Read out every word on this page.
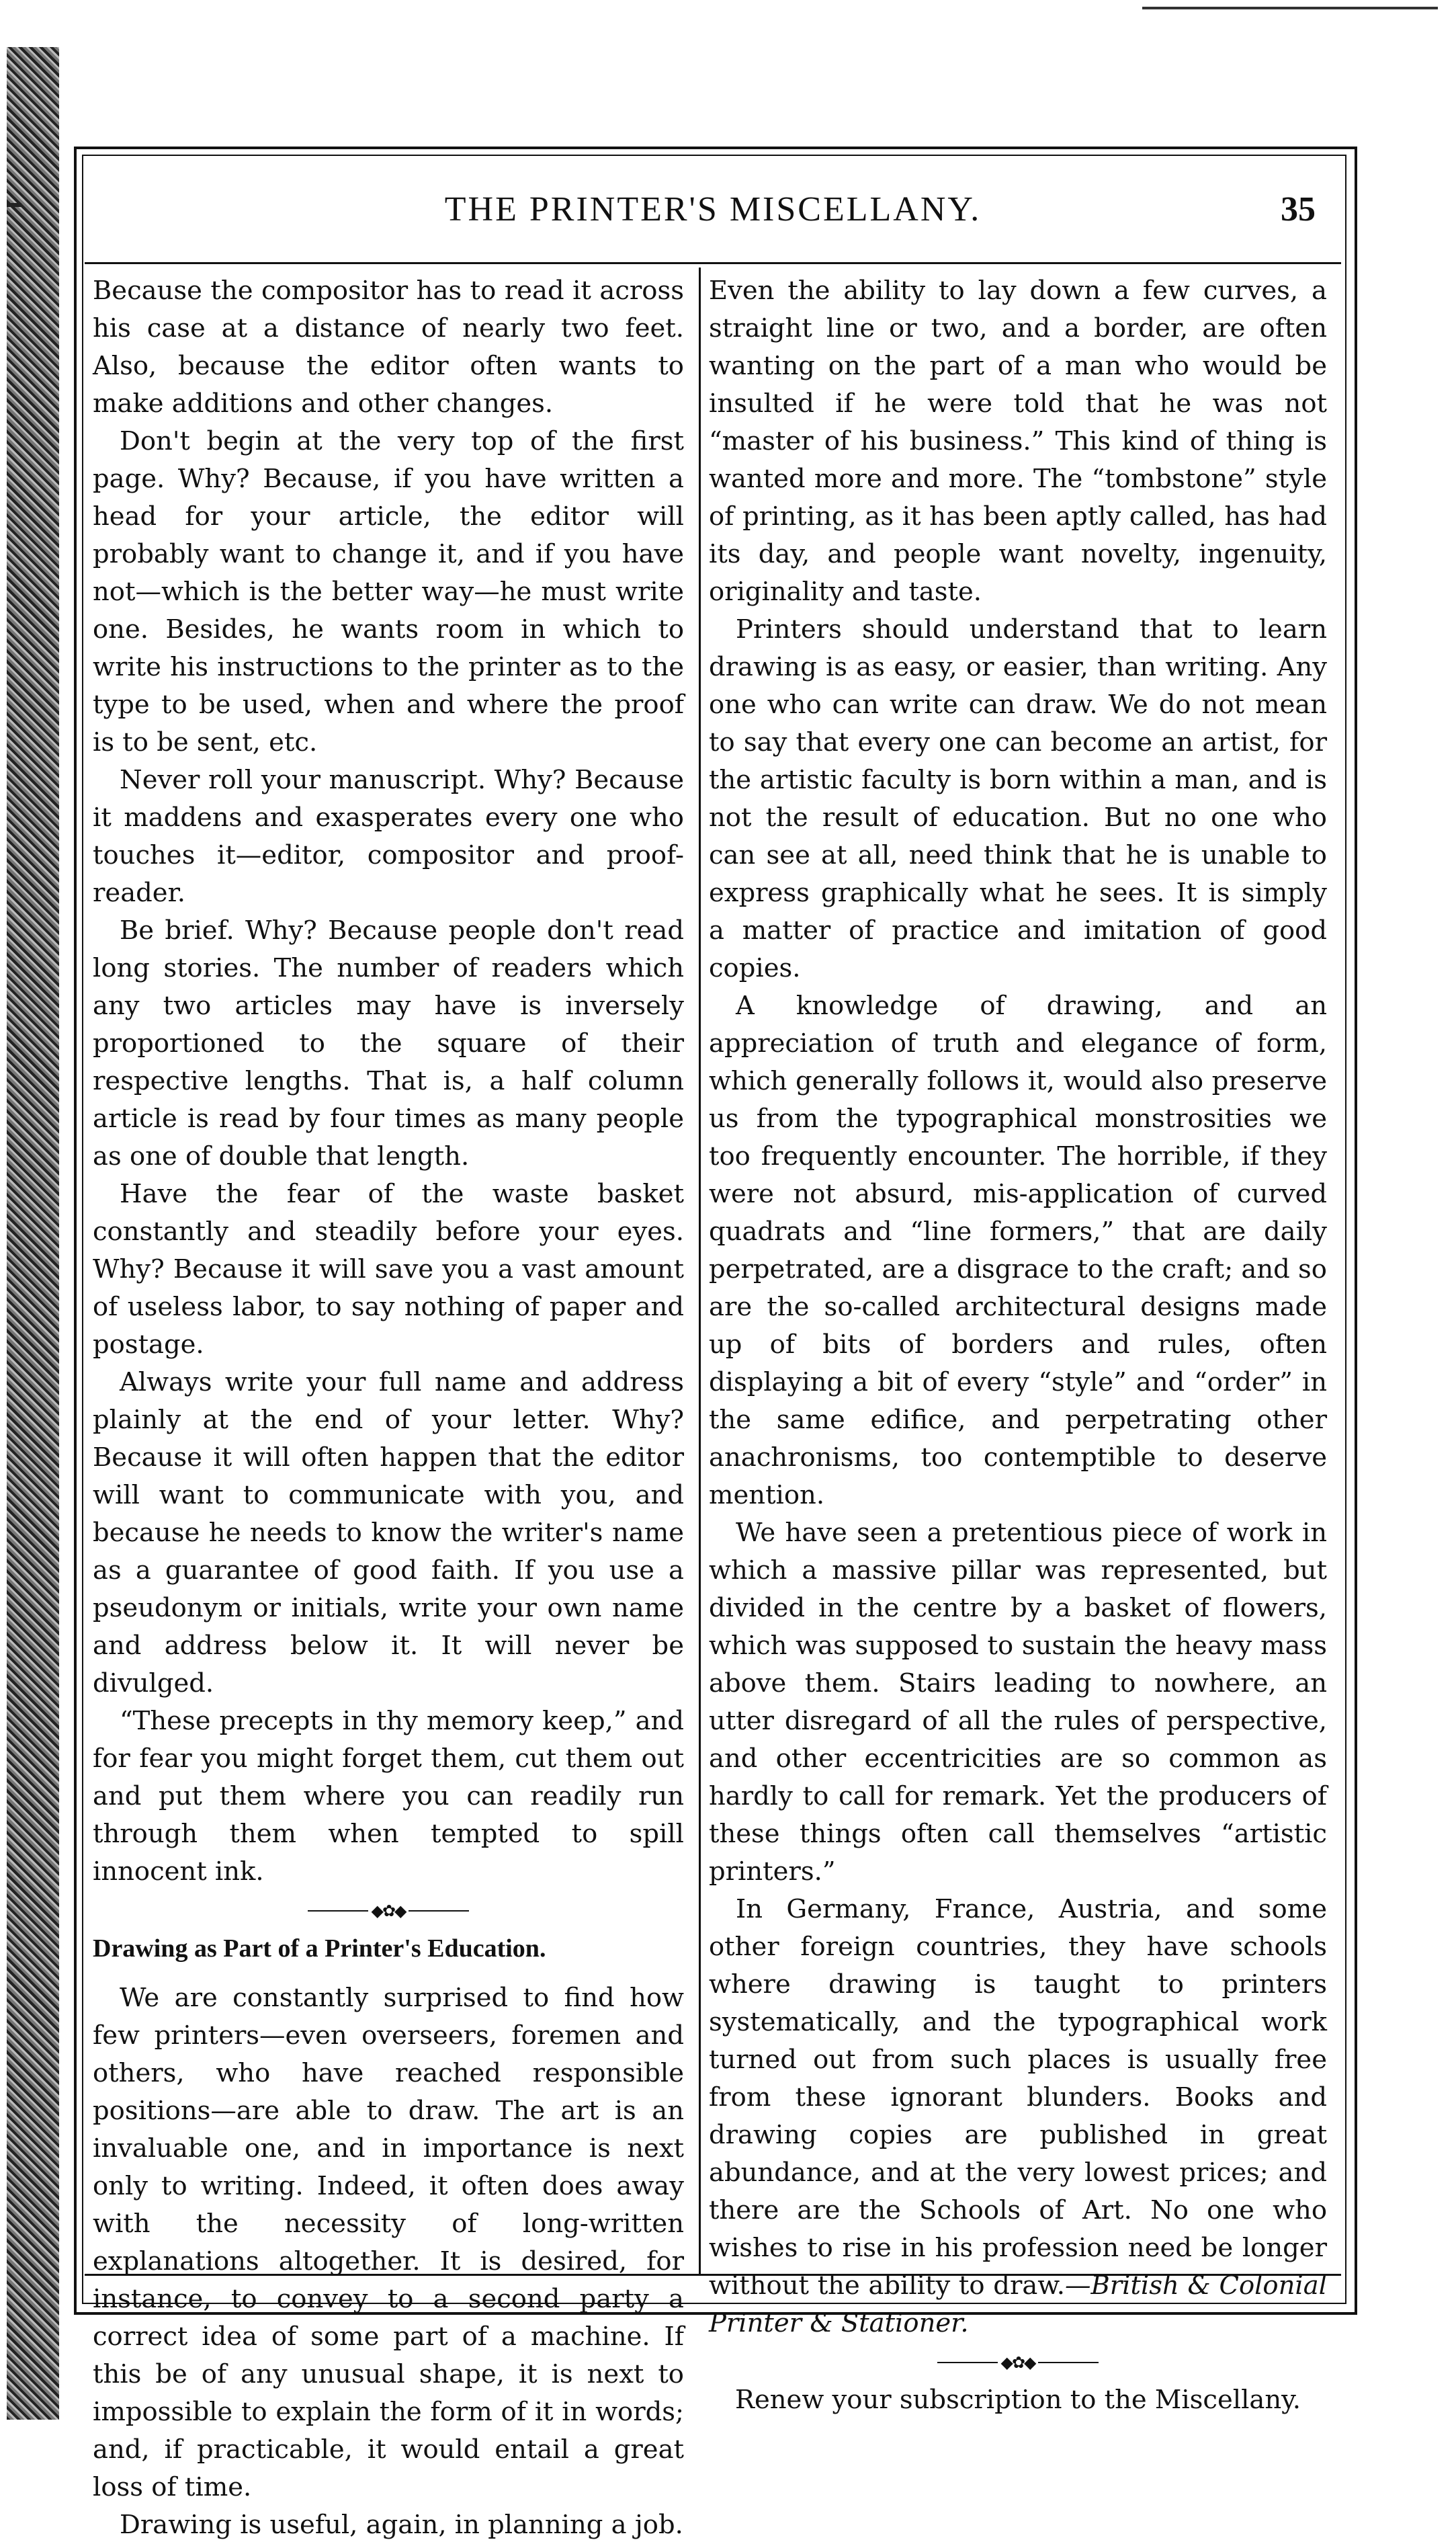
THE PRINTER'S MISCELLANY.	35

Because the compositor has to read it across his case at a distance of nearly two feet. Also, because the editor often wants to make additions and other changes.

Don't begin at the very top of the first page. Why? Because, if you have written a head for your article, the editor will probably want to change it, and if you have not—which is the better way—he must write one. Besides, he wants room in which to write his instructions to the printer as to the type to be used, when and where the proof is to be sent, etc.

Never roll your manuscript. Why? Because it maddens and exasperates every one who touches it—editor, compositor and proof-reader.

Be brief. Why? Because people don't read long stories. The number of readers which any two articles may have is inversely proportioned to the square of their respective lengths. That is, a half column article is read by four times as many people as one of double that length.

Have the fear of the waste basket constantly and steadily before your eyes. Why? Because it will save you a vast amount of useless labor, to say nothing of paper and postage.

Always write your full name and address plainly at the end of your letter. Why? Because it will often happen that the editor will want to communicate with you, and because he needs to know the writer's name as a guarantee of good faith. If you use a pseudonym or initials, write your own name and address below it. It will never be divulged.

“These precepts in thy memory keep,” and for fear you might forget them, cut them out and put them where you can readily run through them when tempted to spill innocent ink.

◆✿◆
Drawing as Part of a Printer's Education.

We are constantly surprised to find how few printers—even overseers, foremen and others, who have reached responsible positions—are able to draw. The art is an invaluable one, and in importance is next only to writing. Indeed, it often does away with the necessity of long-written explanations altogether. It is desired, for instance, to convey to a second party a correct idea of some part of a machine. If this be of any unusual shape, it is next to impossible to explain the form of it in words; and, if practicable, it would entail a great loss of time.

Drawing is useful, again, in planning a job.

Even the ability to lay down a few curves, a straight line or two, and a border, are often wanting on the part of a man who would be insulted if he were told that he was not “master of his business.” This kind of thing is wanted more and more. The “tombstone” style of printing, as it has been aptly called, has had its day, and people want novelty, ingenuity, originality and taste.

Printers should understand that to learn drawing is as easy, or easier, than writing. Any one who can write can draw. We do not mean to say that every one can become an artist, for the artistic faculty is born within a man, and is not the result of education. But no one who can see at all, need think that he is unable to express graphically what he sees. It is simply a matter of practice and imitation of good copies.

A knowledge of drawing, and an appreciation of truth and elegance of form, which generally follows it, would also preserve us from the typographical monstrosities we too frequently encounter. The horrible, if they were not absurd, mis-application of curved quadrats and “line formers,” that are daily perpetrated, are a disgrace to the craft; and so are the so-called architectural designs made up of bits of borders and rules, often displaying a bit of every “style” and “order” in the same edifice, and perpetrating other anachronisms, too contemptible to deserve mention.

We have seen a pretentious piece of work in which a massive pillar was represented, but divided in the centre by a basket of flowers, which was supposed to sustain the heavy mass above them. Stairs leading to nowhere, an utter disregard of all the rules of perspective, and other eccentricities are so common as hardly to call for remark. Yet the producers of these things often call themselves “artistic printers.”

In Germany, France, Austria, and some other foreign countries, they have schools where drawing is taught to printers systematically, and the typographical work turned out from such places is usually free from these ignorant blunders. Books and drawing copies are published in great abundance, and at the very lowest prices; and there are the Schools of Art. No one who wishes to rise in his profession need be longer without the ability to draw.—British & Colonial Printer & Stationer.

◆✿◆

Renew your subscription to the Miscellany.
